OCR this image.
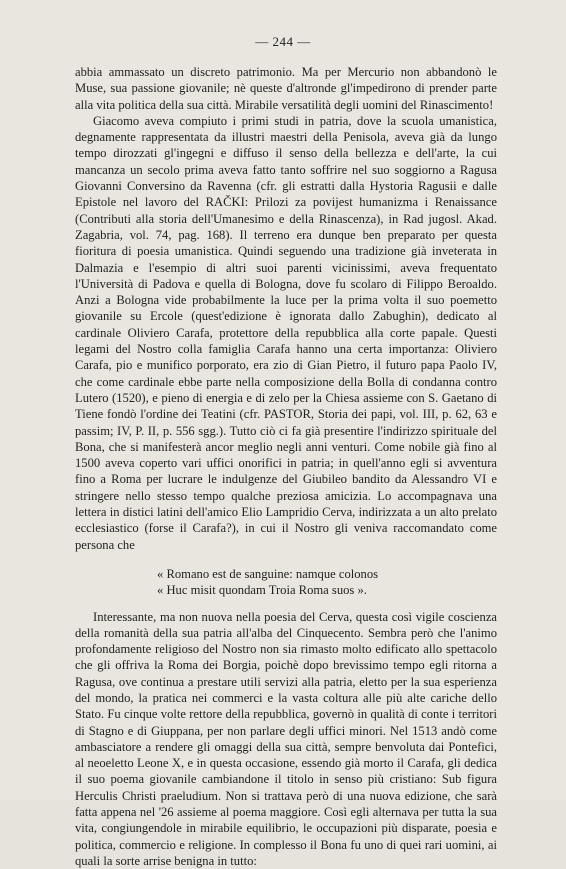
— 244 —

abbia ammassato un discreto patrimonio. Ma per Mercurio non abbandonò le Muse, sua passione giovanile; nè queste d'altronde gl'impedirono di prender parte alla vita politica della sua città. Mirabile versatilità degli uomini del Rinascimento!

Giacomo aveva compiuto i primi studi in patria, dove la scuola umanistica, degnamente rappresentata da illustri maestri della Penisola, aveva già da lungo tempo dirozzati gl'ingegni e diffuso il senso della bellezza e dell'arte, la cui mancanza un secolo prima aveva fatto tanto soffrire nel suo soggiorno a Ragusa Giovanni Conversino da Ravenna (cfr. gli estratti dalla Hystoria Ragusii e dalle Epistole nel lavoro del RAČKI: Prilozi za povijest humanizma i Renaissance (Contributi alla storia dell'Umanesimo e della Rinascenza), in Rad jugosl. Akad. Zagabria, vol. 74, pag. 168). Il terreno era dunque ben preparato per questa fioritura di poesia umanistica. Quindi seguendo una tradizione già inveterata in Dalmazia e l'esempio di altri suoi parenti vicinissimi, aveva frequentato l'Università di Padova e quella di Bologna, dove fu scolaro di Filippo Beroaldo. Anzi a Bologna vide probabilmente la luce per la prima volta il suo poemetto giovanile su Ercole (quest'edizione è ignorata dallo Zabughin), dedicato al cardinale Oliviero Carafa, protettore della repubblica alla corte papale. Questi legami del Nostro colla famiglia Carafa hanno una certa importanza: Oliviero Carafa, pio e munifico porporato, era zio di Gian Pietro, il futuro papa Paolo IV, che come cardinale ebbe parte nella composizione della Bolla di condanna contro Lutero (1520), e pieno di energia e di zelo per la Chiesa assieme con S. Gaetano di Tiene fondò l'ordine dei Teatini (cfr. PASTOR, Storia dei papi, vol. III, p. 62, 63 e passim; IV, P. II, p. 556 sgg.). Tutto ciò ci fa già presentire l'indirizzo spirituale del Bona, che si manifesterà ancor meglio negli anni venturi. Come nobile già fino al 1500 aveva coperto vari uffici onorifici in patria; in quell'anno egli si avventura fino a Roma per lucrare le indulgenze del Giubileo bandito da Alessandro VI e stringere nello stesso tempo qualche preziosa amicizia. Lo accompagnava una lettera in distici latini dell'amico Elio Lampridio Cerva, indirizzata a un alto prelato ecclesiastico (forse il Carafa?), in cui il Nostro gli veniva raccomandato come persona che

« Romano est de sanguine: namque colonos
« Huc misit quondam Troia Roma suos ».

Interessante, ma non nuova nella poesia del Cerva, questa così vigile coscienza della romanità della sua patria all'alba del Cinquecento. Sembra però che l'animo profondamente religioso del Nostro non sia rimasto molto edificato allo spettacolo che gli offriva la Roma dei Borgia, poichè dopo brevissimo tempo egli ritorna a Ragusa, ove continua a prestare utili servizi alla patria, eletto per la sua esperienza del mondo, la pratica nei commerci e la vasta coltura alle più alte cariche dello Stato. Fu cinque volte rettore della repubblica, governò in qualità di conte i territori di Stagno e di Giuppana, per non parlare degli uffici minori. Nel 1513 andò come ambasciatore a rendere gli omaggi della sua città, sempre benvoluta dai Pontefici, al neoeletto Leone X, e in questa occasione, essendo già morto il Carafa, gli dedica il suo poema giovanile cambiandone il titolo in senso più cristiano: Sub figura Herculis Christi praeludium. Non si trattava però di una nuova edizione, che sarà fatta appena nel '26 assieme al poema maggiore. Così egli alternava per tutta la sua vita, congiungendole in mirabile equilibrio, le occupazioni più disparate, poesia e politica, commercio e religione. In complesso il Bona fu uno di quei rari uomini, ai quali la sorte arrise benigna in tutto:
